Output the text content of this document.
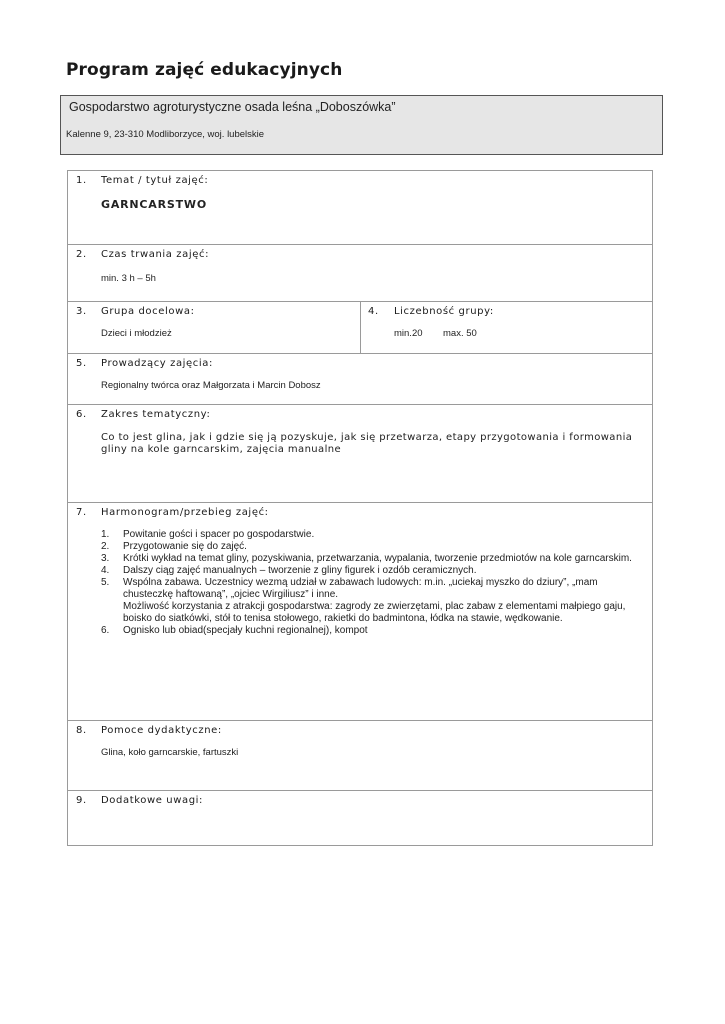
Program zajęć edukacyjnych
Gospodarstwo agroturystyczne osada leśna „Doboszówka”
Kalenne 9, 23-310 Modliborzyce, woj. lubelskie
1. Temat / tytuł zajęć:
GARNCARSTWO
2. Czas trwania zajęć:
min. 3 h – 5h
3. Grupa docelowa:
Dzieci i młodzież
4. Liczebność grupy:
min.20 max. 50
5. Prowadzący zajęcia:
Regionalny twórca oraz Małgorzata i Marcin Dobosz
6. Zakres tematyczny:
Co to jest glina, jak i gdzie się ją pozyskuje, jak się przetwarza, etapy przygotowania i formowania gliny na kole garncarskim, zajęcia manualne
7. Harmonogram/przebieg zajęć:
1. Powitanie gości i spacer po gospodarstwie.
2. Przygotowanie się do zajęć.
3. Krótki wykład na temat gliny, pozyskiwania, przetwarzania, wypalania, tworzenie przedmiotów na kole garncarskim.
4. Dalszy ciąg zajęć manualnych – tworzenie z gliny figurek i ozdób ceramicznych.
5. Wspólna zabawa. Uczestnicy wezmą udział w zabawach ludowych: m.in. „uciekaj myszko do dziury”, „mam chusteczkę haftowaną”, „ojciec Wirgiliusz” i inne.
Możliwość korzystania z atrakcji gospodarstwa: zagrody ze zwierzętami, plac zabaw z elementami małpiego gaju, boisko do siatkówki, stół to tenisa stołowego, rakietki do badmintona, łódka na stawie, wędkowanie.
6. Ognisko lub obiad(specjały kuchni regionalnej), kompot
8. Pomoce dydaktyczne:
Glina, koło garncarskie, fartuszki
9. Dodatkowe uwagi:
